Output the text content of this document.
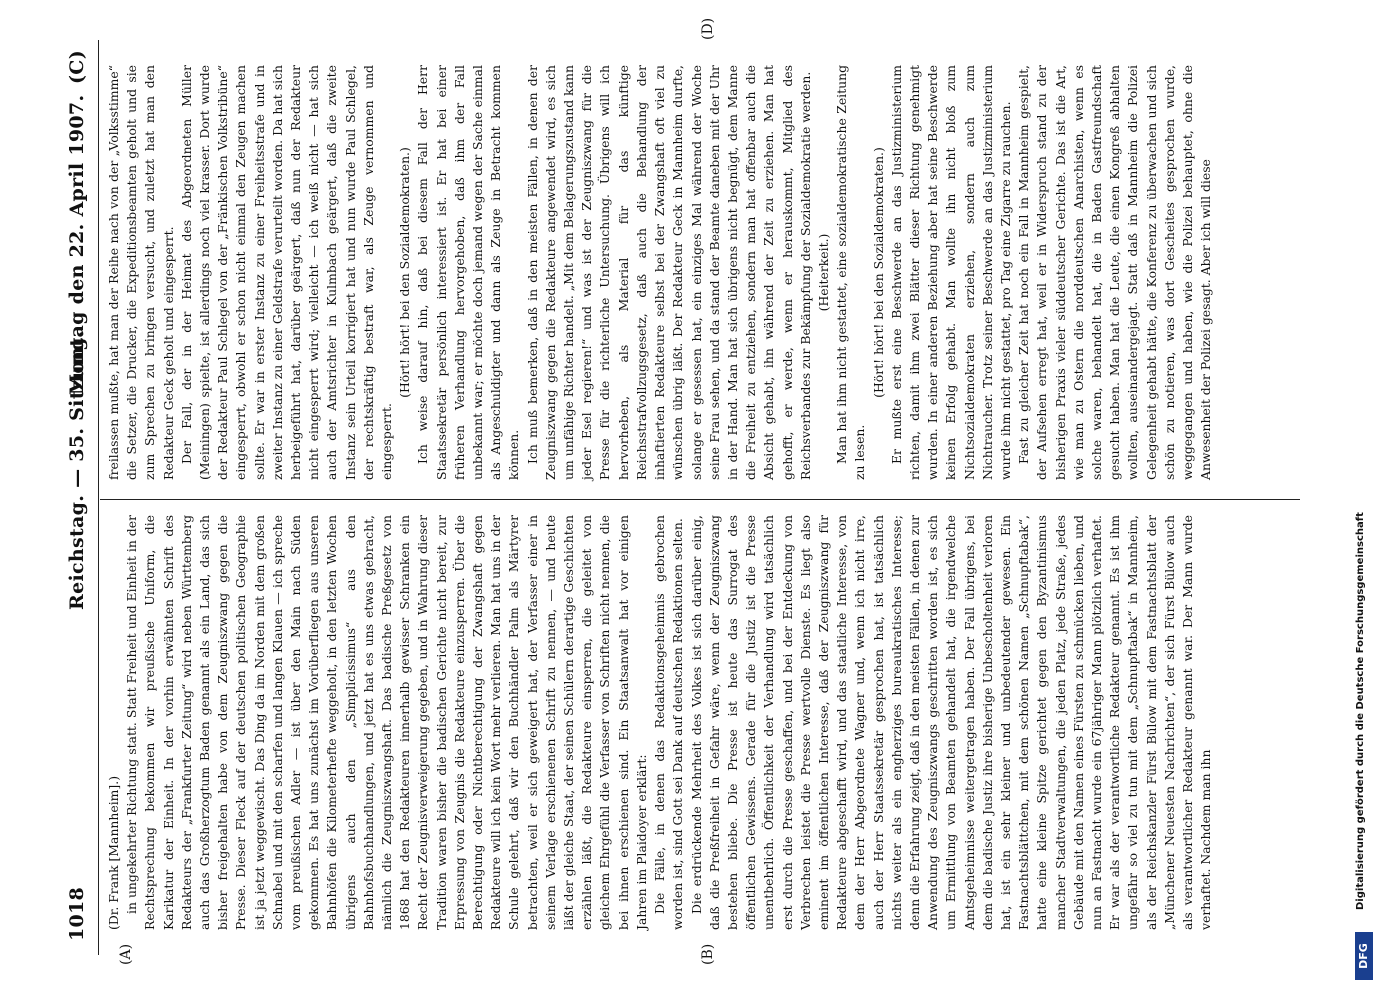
1018
Reichstag. — 35. Sitzung.
Montag den 22. April 1907.
(C)
(A)	(B)
(D)

(Dr. Frank [Mannheim].) in ungekehrter Richtung statt. Statt Freiheit und Einheit in der Rechtsprechung bekommen wir preußische Uniform, die Karikatur der Einheit. In der vorhin erwähnten Schrift des Redakteurs der „Frankfurter Zeitung“ wird neben Württemberg auch das Großherzogtum Baden genannt als ein Land, das sich bisher freigehalten habe von dem Zeugniszwang gegen die Presse. Dieser Fleck auf der deutschen politischen Geographie ist ja jetzt weggewischt. Das Ding da im Norden mit dem großen Schnabel und mit den scharfen und langen Klauen — ich spreche vom preußischen Adler — ist über den Main nach Süden gekommen. Es hat uns zunächst im Vorüberfliegen aus unseren Bahnhöfen die Kilometerhefte weggeholt, in den letzten Wochen übrigens auch den „Simplicissimus“ aus den Bahnhofsbuchhandlungen, und jetzt hat es uns etwas gebracht, nämlich die Zeugniszwangshaft. Das badische Preßgesetz von 1868 hat den Redakteuren innerhalb gewisser Schranken ein Recht der Zeugnisverweigerung gegeben, und in Wahrung dieser Tradition waren bisher die badischen Gerichte nicht bereit, zur Erpressung von Zeugnis die Redakteure einzusperren. Über die Berechtigung oder Nichtberechtigung der Zwangshaft gegen Redakteure will ich kein Wort mehr verlieren. Man hat uns in der Schule gelehrt, daß wir den Buchhändler Palm als Märtyrer betrachten, weil er sich geweigert hat, der Verfasser einer in seinem Verlage erschienenen Schrift zu nennen, — und heute läßt der gleiche Staat, der seinen Schülern derartige Geschichten erzählen läßt, die Redakteure einsperren, die geleitet von gleichem Ehrgefühl die Verfasser von Schriften nicht nennen, die bei ihnen erschienen sind. Ein Staatsanwalt hat vor einigen Jahren im Plaidoyer erklärt: Die Fälle, in denen das Redaktionsgeheimnis gebrochen worden ist, sind Gott sei Dank auf deutschen Redaktionen selten. Die erdrückende Mehrheit des Volkes ist sich darüber einig, daß die Preßfreiheit in Gefahr wäre, wenn der Zeugniszwang bestehen bliebe. Die Presse ist heute das Surrogat des öffentlichen Gewissens. Gerade für die Justiz ist die Presse unentbehrlich. Öffentlichkeit der Verhandlung wird tatsächlich erst durch die Presse geschaffen, und bei der Entdeckung von Verbrechen leistet die Presse wertvolle Dienste. Es liegt also eminent im öffentlichen Interesse, daß der Zeugniszwang für Redakteure abgeschafft wird, und das staatliche Interesse, von dem der Herr Abgeordnete Wagner und, wenn ich nicht irre, auch der Herr Staatssekretär gesprochen hat, ist tatsächlich nichts weiter als ein engherziges bureaukratisches Interesse; denn die Erfahrung zeigt, daß in den meisten Fällen, in denen zur Anwendung des Zeugniszwangs geschritten worden ist, es sich um Ermittlung von Beamten gehandelt hat, die irgendwelche Amtsgeheimnisse weitergetragen haben. Der Fall übrigens, bei dem die badische Justiz ihre bisherige Unbescholtenheit verloren hat, ist ein sehr kleiner und unbedeutender gewesen. Ein Fastnachtsblättchen, mit dem schönen Namen „Schnupftabak“, hatte eine kleine Spitze gerichtet gegen den Byzantinismus mancher Stadtverwaltungen, die jeden Platz, jede Straße, jedes Gebäude mit den Namen eines Fürsten zu schmücken lieben, und nun an Fastnacht wurde ein 67jähriger Mann plötzlich verhaftet. Er war als der verantwortliche Redakteur genannt. Es ist ihm ungefähr so viel zu tun mit dem „Schnupftabak“ in Mannheim, als der Reichskanzler Fürst Bülow mit dem Fastnachtsblatt der „Münchener Neuesten Nachrichten“, der sich Fürst Bülow auch als verantwortlicher Redakteur genannt war. Der Mann wurde verhaftet. Nachdem man ihn

freilassen mußte, hat man der Reihe nach von der „Volksstimme“ die Setzer, die Drucker, die Expeditionsbeamten geholt und sie zum Sprechen zu bringen versucht, und zuletzt hat man den Redakteur Geck geholt und eingesperrt. Der Fall, der in der Heimat des Abgeordneten Müller (Meiningen) spielte, ist allerdings noch viel krasser. Dort wurde der Redakteur Paul Schlegel von der „Fränkischen Volkstribüne“ eingesperrt, obwohl er schon nicht einmal den Zeugen machen sollte. Er war in erster Instanz zu einer Freiheitsstrafe und in zweiter Instanz zu einer Geldstrafe verurteilt worden. Da hat sich herbeigeführt hat, darüber geärgert, daß nun der Redakteur nicht eingesperrt wird; vielleicht — ich weiß nicht — hat sich auch der Amtsrichter in Kulmbach geärgert, daß die zweite Instanz sein Urteil korrigiert hat und nun wurde Paul Schlegel, der rechtskräftig bestraft war, als Zeuge vernommen und eingesperrt.

(Hört! hört! bei den Sozialdemokraten.) Ich weise darauf hin, daß bei diesem Fall der Herr Staatssekretär persönlich interessiert ist. Er hat bei einer früheren Verhandlung hervorgehoben, daß ihm der Fall unbekannt war; er möchte doch jemand wegen der Sache einmal als Angeschuldigter und dann als Zeuge in Betracht kommen können. Ich muß bemerken, daß in den meisten Fällen, in denen der Zeugniszwang gegen die Redakteure angewendet wird, es sich um unfähige Richter handelt. „Mit dem Belagerungszustand kann jeder Esel regieren!“ und was ist der Zeugniszwang für die Presse für die richterliche Untersuchung. Übrigens will ich hervorheben, als Material für das künftige Reichsstrafvollzugsgesetz, daß auch die Behandlung der inhaftierten Redakteure selbst bei der Zwangshaft oft viel zu wünschen übrig läßt. Der Redakteur Geck in Mannheim durfte, solange er gesessen hat, ein einziges Mal während der Woche seine Frau sehen, und da stand der Beamte daneben mit der Uhr in der Hand. Man hat sich übrigens nicht begnügt, dem Manne die Freiheit zu entziehen, sondern man hat offenbar auch die Absicht gehabt, ihn während der Zeit zu erziehen. Man hat gehofft, er werde, wenn er herauskommt, Mitglied des Reichsverbandes zur Bekämpfung der Sozialdemokratie werden. (Heiterkeit.) Man hat ihm nicht gestattet, eine sozialdemokratische Zeitung zu lesen.

(Hört! hört! bei den Sozialdemokraten.) Er mußte erst eine Beschwerde an das Justizministerium richten, damit ihm zwei Blätter dieser Richtung genehmigt wurden. In einer anderen Beziehung aber hat seine Beschwerde keinen Erfolg gehabt. Man wollte ihn nicht bloß zum Nichtsozialdemokraten erziehen, sondern auch zum Nichtraucher. Trotz seiner Beschwerde an das Justizministerium wurde ihm nicht gestattet, pro Tag eine Zigarre zu rauchen. Fast zu gleicher Zeit hat noch ein Fall in Mannheim gespielt, der Aufsehen erregt hat, weil er in Widerspruch stand zu der bisherigen Praxis vieler süddeutscher Gerichte. Das ist die Art, wie man zu Ostern die norddeutschen Anarchisten, wenn es solche waren, behandelt hat, die in Baden Gastfreundschaft gesucht haben. Man hat die Leute, die einen Kongreß abhalten wollten, auseinandergejagt. Statt daß in Mannheim die Polizei Gelegenheit gehabt hätte, die Konferenz zu überwachen und sich schön zu notieren, was dort Gescheites gesprochen wurde, weggegangen und haben, wie die Polizei behauptet, ohne die Anwesenheit der Polizei gesagt. Aber ich will diese

DFG
Digitalisierung gefördert durch die Deutsche Forschungsgemeinschaft
